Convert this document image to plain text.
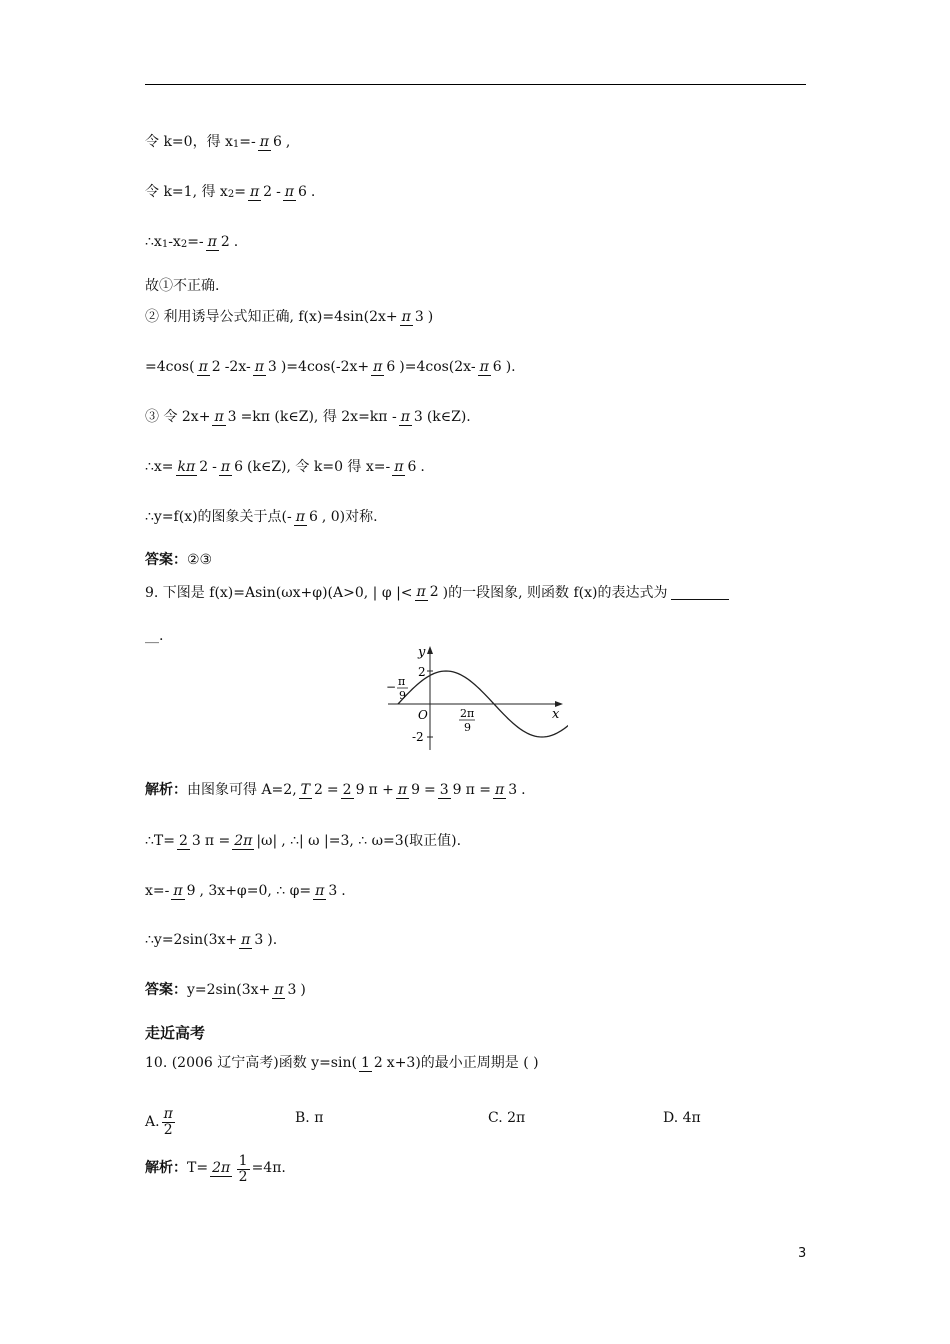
令 k=0，得 x 1 =- π 6 ,
令 k=1, 得 x 2 = π 2 - π 6 .
∴x 1 -x 2 =- π 2 .
故①不正确.
② 利用诱导公式知正确, f(x)=4sin(2x+ π 3 )
=4cos( π 2 -2x- π 3 )=4cos(-2x+ π 6 )=4cos(2x- π 6 ).
③ 令 2x+ π 3 =kπ (k∈Z), 得 2x=kπ - π 3 (k∈Z).
∴x= kπ 2 - π 6 (k∈Z), 令 k=0 得 x=- π 6 .
∴y=f(x)的图象关于点(- π 6 , 0)对称.
答案： ②③
9. 下图是 f(x)=Asin(ωx+φ)(A>0, | φ |< π 2 )的一段图象, 则函数 f(x)的表达式为
__.
y
x
O
2
-2
− π
9
2π
9
解析： 由图象可得 A=2, T 2 = 2 9 π + π 9 = 3 9 π = π 3 .
∴T= 2 3 π = 2π |ω| , ∴| ω |=3, ∴ ω=3(取正值).
x=- π 9 , 3x+φ=0, ∴ φ= π 3 .
∴y=2sin(3x+ π 3 ).
答案： y=2sin(3x+ π 3 )
走近高考
10. (2006 辽宁高考)函数 y=sin( 1 2 x+3)的最小正周期是 ( )
A. $\frac{\pi}{2}$	B. π	C. 2π	D. 4π
解析： $T= 2\pi \frac{1}{2} =4\pi$.
3
